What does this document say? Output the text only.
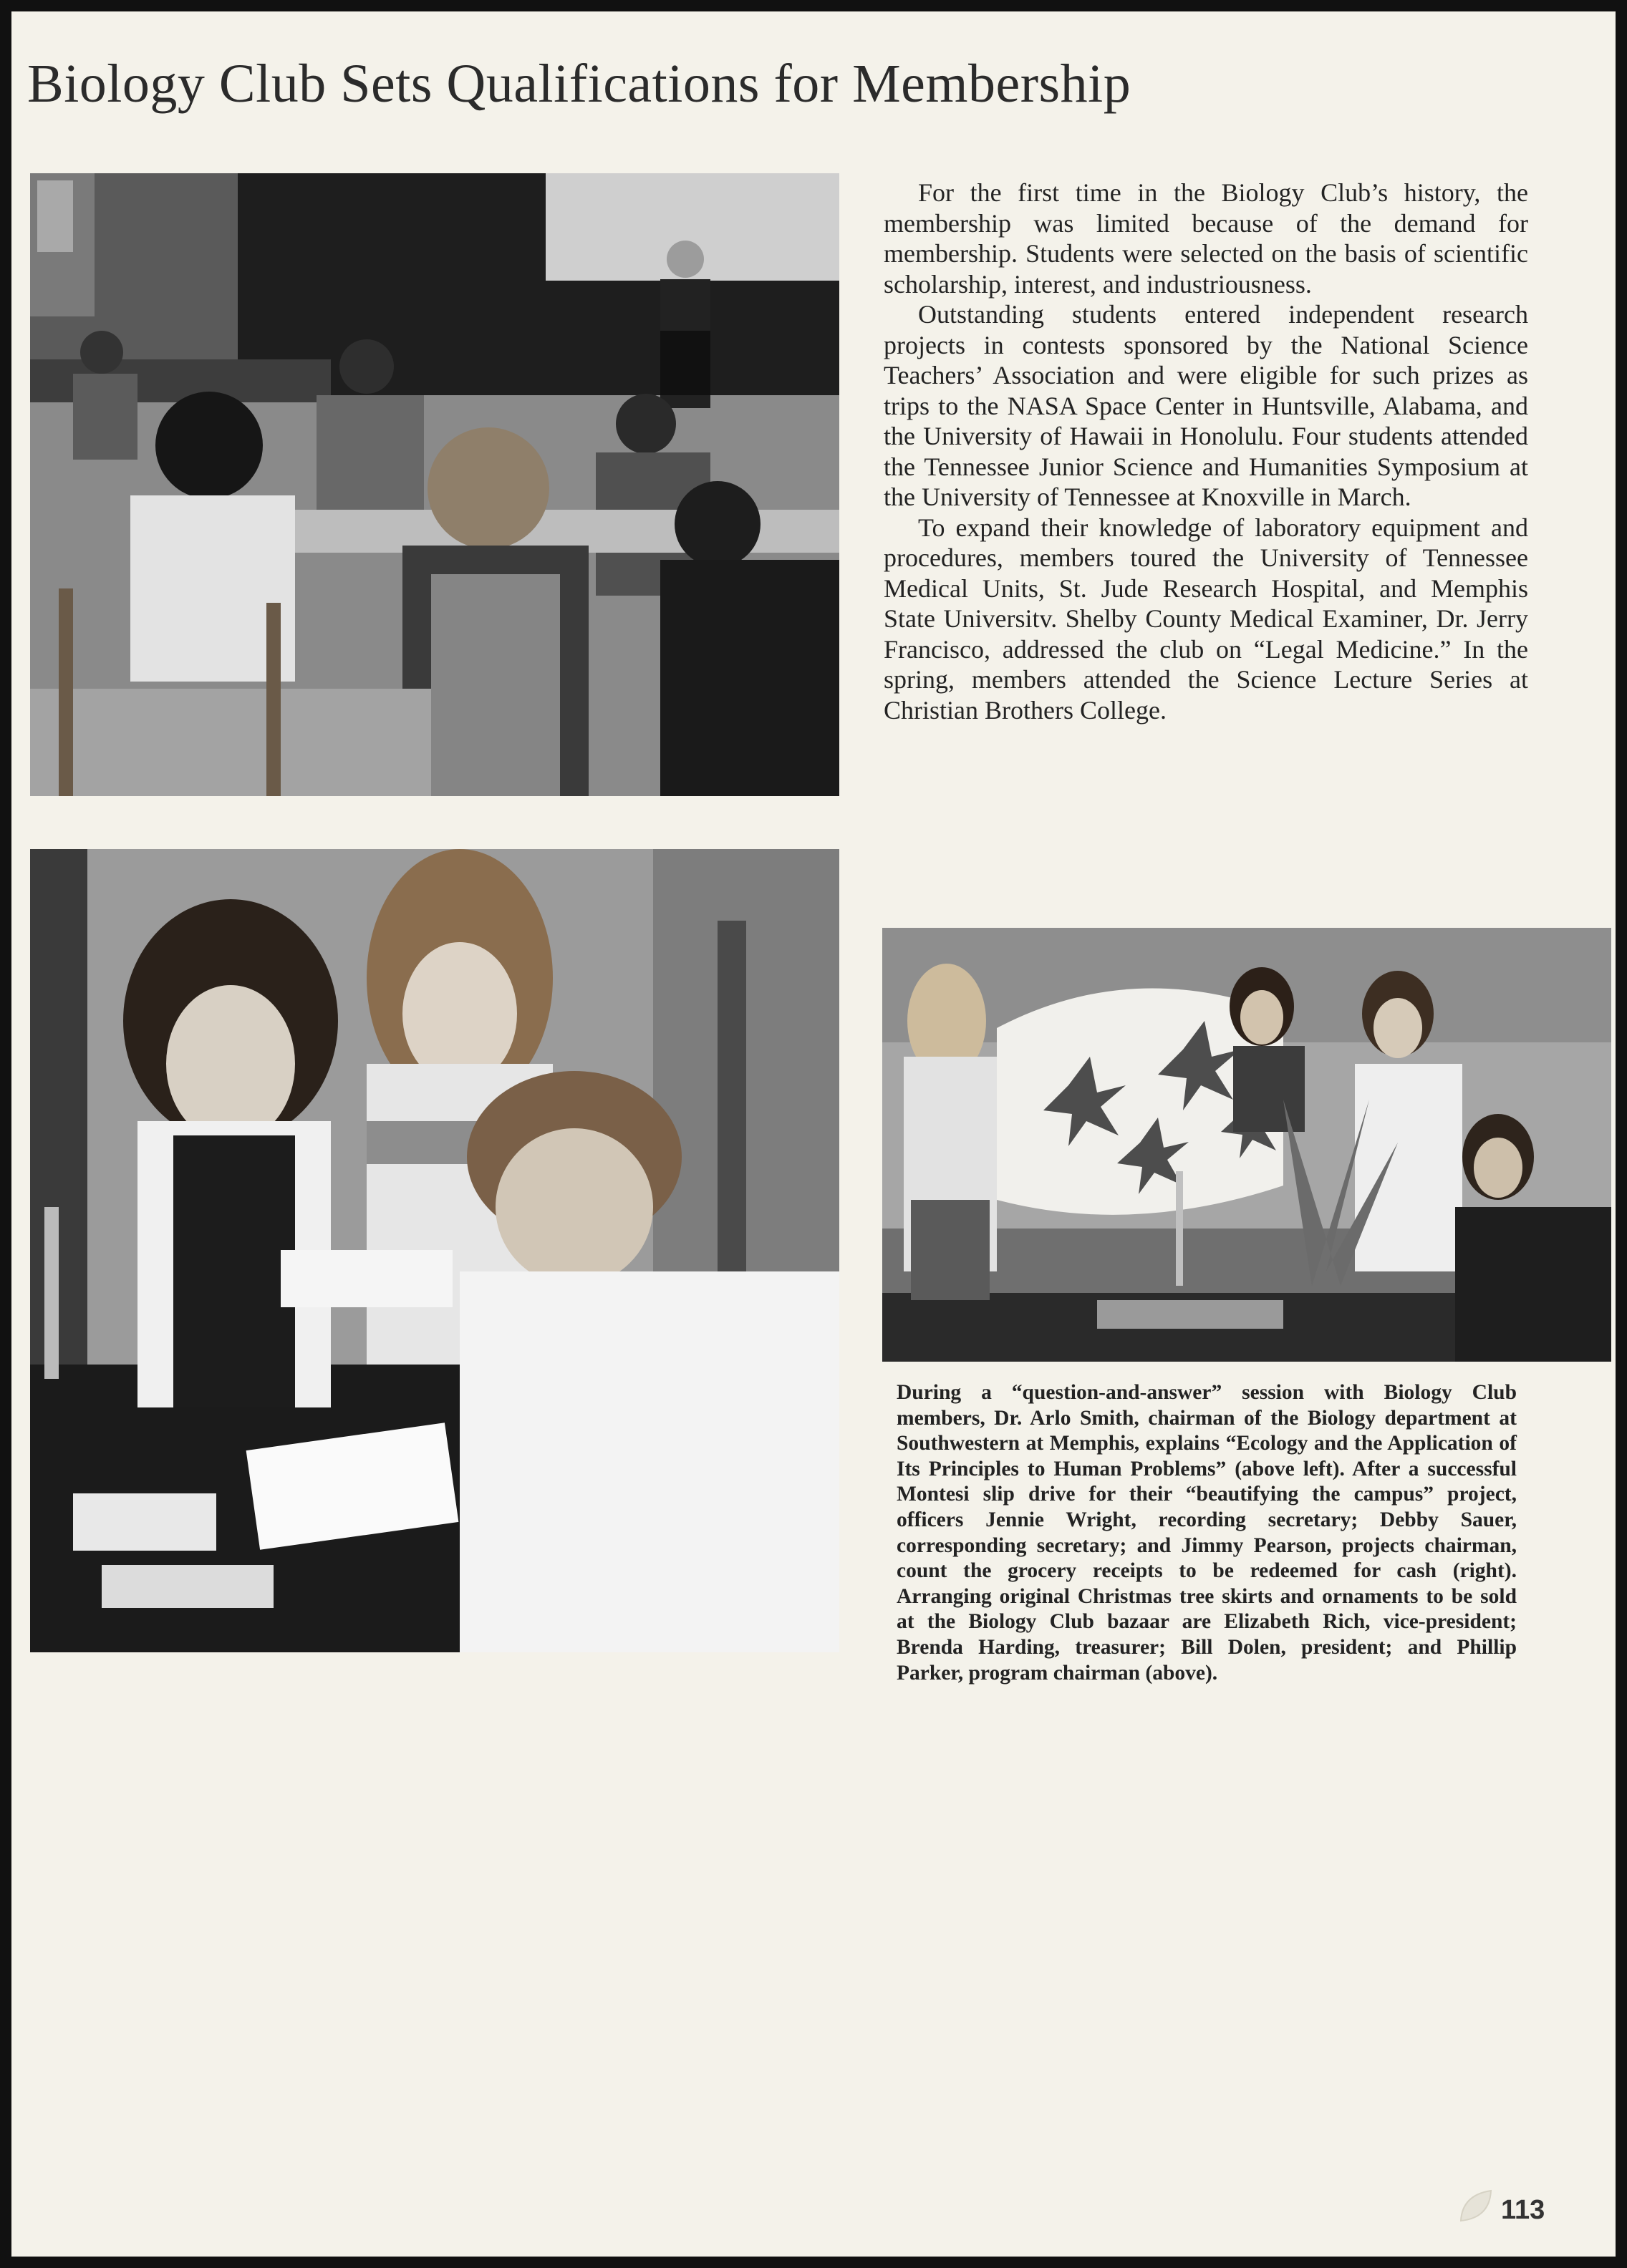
Biology Club Sets Qualifications for Membership

For the first time in the Biology Club’s history, the membership was limited because of the demand for membership. Students were selected on the basis of scientific scholarship, interest, and industriousness.

Outstanding students entered independent research projects in contests sponsored by the National Science Teachers’ Association and were eligible for such prizes as trips to the NASA Space Center in Huntsville, Alabama, and the University of Hawaii in Honolulu. Four students attended the Tennessee Junior Science and Humanities Symposium at the University of Tennessee at Knoxville in March.

To expand their knowledge of laboratory equipment and procedures, members toured the University of Tennessee Medical Units, St. Jude Research Hospital, and Memphis State Universitv. Shelby County Medical Examiner, Dr. Jerry Francisco, addressed the club on “Legal Medicine.” In the spring, members attended the Science Lecture Series at Christian Brothers College.

During a “question-and-answer” session with Biology Club members, Dr. Arlo Smith, chairman of the Biology department at Southwestern at Memphis, explains “Ecology and the Application of Its Principles to Human Problems” (above left). After a successful Montesi slip drive for their “beautifying the campus” project, officers Jennie Wright, recording secretary; Debby Sauer, corresponding secretary; and Jimmy Pearson, projects chairman, count the grocery receipts to be redeemed for cash (right). Arranging original Christmas tree skirts and ornaments to be sold at the Biology Club bazaar are Elizabeth Rich, vice-president; Brenda Harding, treasurer; Bill Dolen, president; and Phillip Parker, program chairman (above).

113
